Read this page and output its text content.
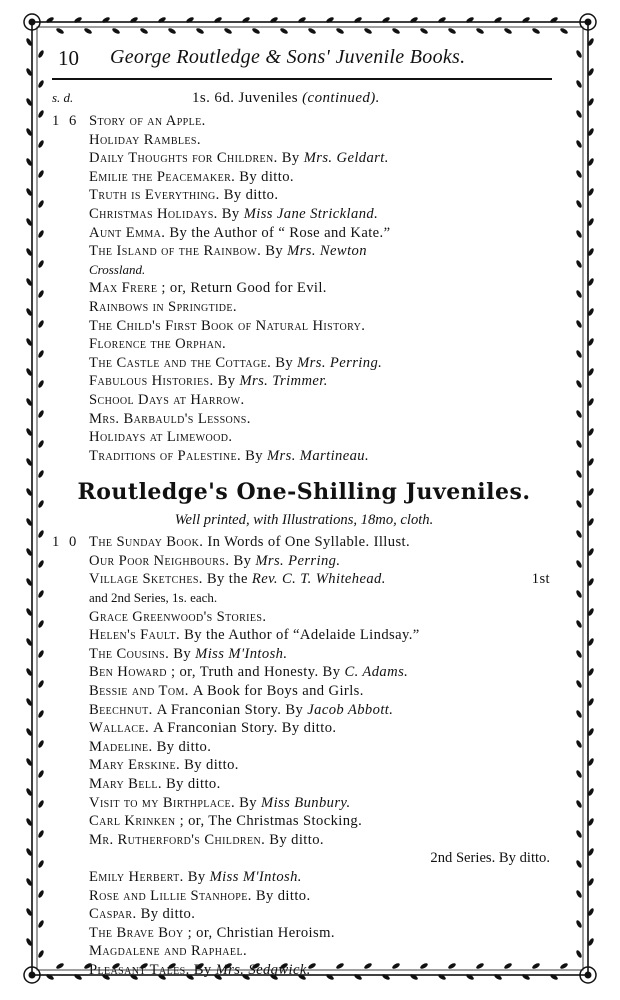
10 George Routledge & Sons' Juvenile Books.
s. d.	1s. 6d. Juveniles (continued).
1 6 Story of an Apple.
Holiday Rambles.
Daily Thoughts for Children. By Mrs. Geldart.
Emilie the Peacemaker. By ditto.
Truth is Everything. By ditto.
Christmas Holidays. By Miss Jane Strickland.
Aunt Emma. By the Author of “ Rose and Kate.”
The Island of the Rainbow. By Mrs. Newton
Crossland.
Max Frere ; or, Return Good for Evil.
Rainbows in Springtide.
The Child's First Book of Natural History.
Florence the Orphan.
The Castle and the Cottage. By Mrs. Perring.
Fabulous Histories. By Mrs. Trimmer.
School Days at Harrow.
Mrs. Barbauld's Lessons.
Holidays at Limewood.
Traditions of Palestine. By Mrs. Martineau.
Routledge's One-Shilling Juveniles.
Well printed, with Illustrations, 18mo, cloth.
1 0 The Sunday Book. In Words of One Syllable. Illust.
Our Poor Neighbours. By Mrs. Perring.
Village Sketches. By the Rev. C. T. Whitehead.	1st
and 2nd Series, 1s. each.
Grace Greenwood's Stories.
Helen's Fault. By the Author of “Adelaide Lindsay.”
The Cousins. By Miss M'Intosh.
Ben Howard ; or, Truth and Honesty. By C. Adams.
Bessie and Tom. A Book for Boys and Girls.
Beechnut. A Franconian Story. By Jacob Abbott.
Wallace. A Franconian Story. By ditto.
Madeline. By ditto.
Mary Erskine. By ditto.
Mary Bell. By ditto.
Visit to my Birthplace. By Miss Bunbury.
Carl Krinken ; or, The Christmas Stocking.
Mr. Rutherford's Children. By ditto.
2nd Series. By ditto.
Emily Herbert. By Miss M'Intosh.
Rose and Lillie Stanhope. By ditto.
Caspar. By ditto.
The Brave Boy ; or, Christian Heroism.
Magdalene and Raphael.
Pleasant Tales. By Mrs. Sedgwick.
